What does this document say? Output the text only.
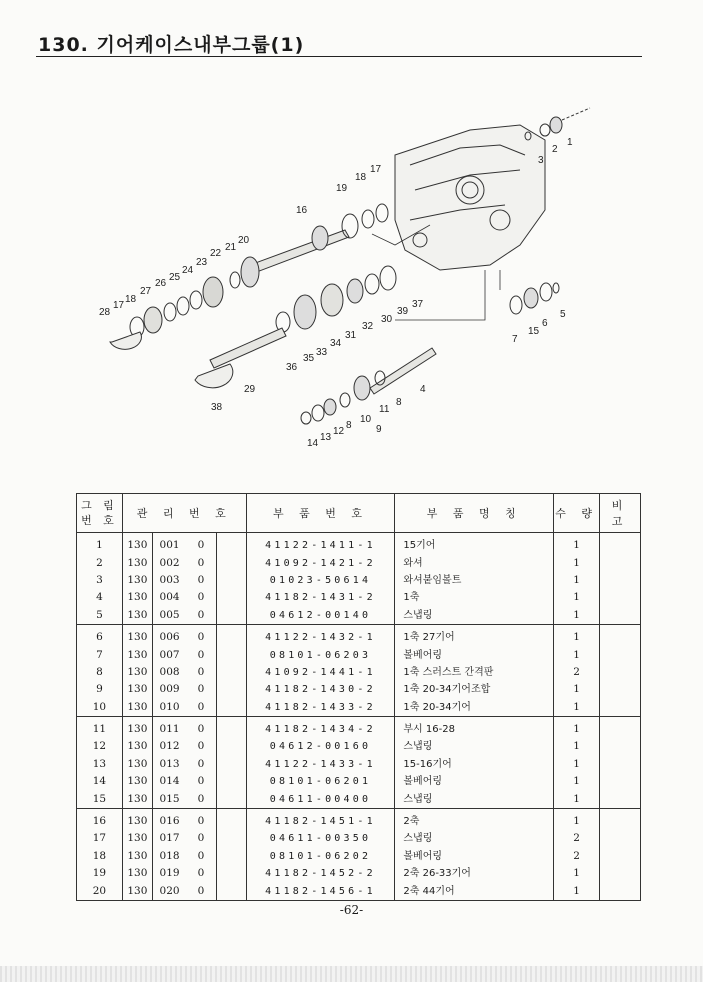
130. 기어케이스내부그룹(1)
1
2
3
17
18
19
16
20
21
22
23
24
25
26
27
18
17
28
37
39
30
32
31
34
33
35
36
29
38
4
8
11
9
10
8
12
13
14
5
6
15
7
그 림
번 호	관 리 번 호				부 품 번 호	부 품 명 칭	수 량	비 고
1	130	001	0		41122-1411-1	15기어	1	
2	130	002	0		41092-1421-2	와셔	1	
3	130	003	0		01023-50614	와셔붙임볼트	1	
4	130	004	0		41182-1431-2	1축	1	
5	130	005	0		04612-00140	스냅링	1	
6	130	006	0		41122-1432-1	1축 27기어	1	
7	130	007	0		08101-06203	볼베어링	1	
8	130	008	0		41092-1441-1	1축 스러스트 간격판	2	
9	130	009	0		41182-1430-2	1축 20-34기어조합	1	
10	130	010	0		41182-1433-2	1축 20-34기어	1	
11	130	011	0		41182-1434-2	부시 16-28	1	
12	130	012	0		04612-00160	스냅링	1	
13	130	013	0		41122-1433-1	15-16기어	1	
14	130	014	0		08101-06201	볼베어링	1	
15	130	015	0		04611-00400	스냅링	1	
16	130	016	0		41182-1451-1	2축	1	
17	130	017	0		04611-00350	스냅링	2	
18	130	018	0		08101-06202	볼베어링	2	
19	130	019	0		41182-1452-2	2축 26-33기어	1	
20	130	020	0		41182-1456-1	2축 44기어	1	
-62-
